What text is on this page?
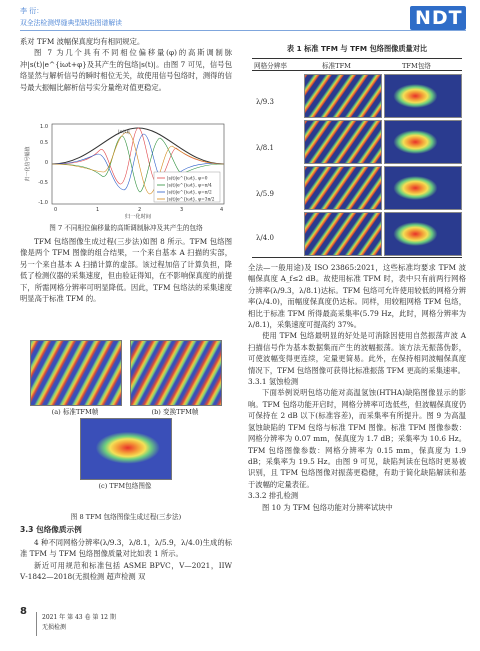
李 衍：
双全法检测焊缝典型缺陷图谱解读	NDT

系对 TFM 波幅保真度均有相同规定。

图 7 为几个具有不同相位偏移量(φ)的高斯调制脉冲|s(t)|e^{iωt+φ}及其产生的包络|s(t)|。由图 7 可见，信号包络显然与解析信号的瞬时相位无关，故使用信号包络时，测得的信号最大振幅比解析信号实分量绝对值更稳定。

1.0
0.5
0
-0.5
-1.0
0	1	2	3	4
归一化信号幅值
归一化时间
|s(t)|
|s(t)|e^{iωt}, φ=0
|s(t)|e^{iωt}, φ=π/4
|s(t)|e^{iωt}, φ=π/2
|s(t)|e^{iωt}, φ=3π/2
图 7 不同相位偏移量的高斯调制脉冲及其产生的包络

TFM 包络图像生成过程(三步法)如图 8 所示。TFM 包络图像是两个 TFM 图像的组合结果，一个来自基本 A 扫描的实部，另一个来自基本 A 扫描计算的虚部。该过程加倍了计算负担，降低了检测仪器的采集速度，但由验证得知，在不影响保真度的前提下，所需网格分辨率可明显降低。因此，TFM 包络法的采集速度明显高于标准 TFM 的。

(a) 标准TFM帧	(b) 变换TFM帧
(c) TFM包络图像
图 8 TFM 包络图像生成过程(三步法)
3.3 包络像质示例

4 种不同网格分辨率(λ/9.3，λ/8.1，λ/5.9，λ/4.0)生成的标准 TFM 与 TFM 包络图像质量对比如表 1 所示。

新近可用规范和标准包括 ASME BPVC，V—2021，IIW Ⅴ-1842—2018(无损检测 超声检测 双

8
2021 年 第 43 卷 第 12 期
无损检测
表 1 标准 TFM 与 TFM 包络图像质量对比
网格分辨率	标准TFM	TFM包络
λ/9.3
λ/8.1
λ/5.9
λ/4.0

全法—一般用途)及 ISO 23865:2021，这些标准均要求 TFM 波幅保真度 A_f≤2 dB。故使用标准 TFM 时，表中只有前两行网格分辨率(λ/9.3，λ/8.1)达标。TFM 包络可允许使用较低的网格分辨率(λ/4.0)，而幅度保真度仍达标。同样，用较粗网格 TFM 包络，相比于标准 TFM 所得最高采集率(5.79 Hz，此时，网格分辨率为 λ/8.1)，采集速度可提高约 37%。

使用 TFM 包络最明显的好处是可消除因使用自然振荡声波 A 扫描信号作为基本数据集而产生的波幅振荡。该方法无振荡伪影，可使波幅变得更连续，定量更简易。此外，在保持相同波幅保真度情况下，TFM 包络图像可获得比标准振荡 TFM 更高的采集速率。

3.3.1 氢蚀检测

下面举例说明包络功能对高温氢蚀(HTHA)缺陷图像显示的影响。TFM 包络功能开启时，网格分辨率可选低些，但波幅保真度仍可保持在 2 dB 以下(标准容差)，而采集率有所提升。图 9 为高温氢蚀缺陷的 TFM 包络与标准 TFM 图像。标准 TFM 图像参数：网格分辨率为 0.07 mm，保真度为 1.7 dB；采集率为 10.6 Hz。TFM 包络图像参数：网格分辨率为 0.15 mm，保真度为 1.9 dB；采集率为 19.5 Hz。由图 9 可见，缺陷判读在包络时更易被识别，且 TFM 包络图像对振荡更稳健，有助于简化缺陷解读和基于波幅的定量表征。

3.3.2 排孔检测

图 10 为 TFM 包络功能对分辨率试块中
